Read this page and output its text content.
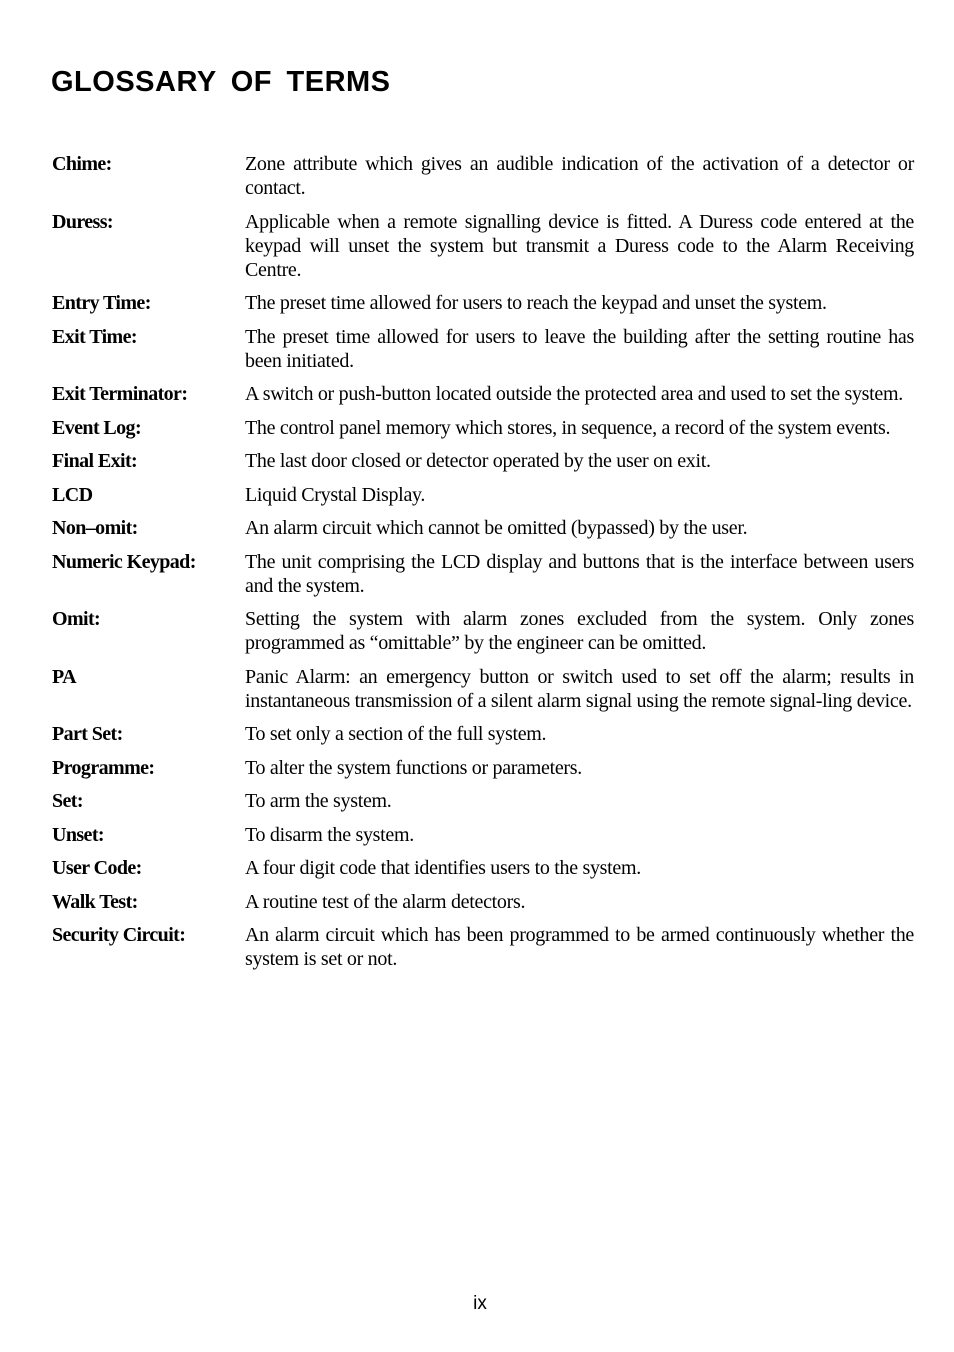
GLOSSARY OF TERMS
Chime:	Zone attribute which gives an audible indication of the activation of a detector or contact.
Duress:	Applicable when a remote signalling device is fitted. A Duress code entered at the keypad will unset the system but transmit a Duress code to the Alarm Receiving Centre.
Entry Time:	The preset time allowed for users to reach the keypad and unset the system.
Exit Time:	The preset time allowed for users to leave the building after the setting routine has been initiated.
Exit Terminator:	A switch or push-button located outside the protected area and used to set the system.
Event Log:	The control panel memory which stores, in sequence, a record of the system events.
Final Exit:	The last door closed or detector operated by the user on exit.
LCD	Liquid Crystal Display.
Non–omit:	An alarm circuit which cannot be omitted (bypassed) by the user.
Numeric Keypad:	The unit comprising the LCD display and buttons that is the interface between users and the system.
Omit:	Setting the system with alarm zones excluded from the system. Only zones programmed as “omittable” by the engineer can be omitted.
PA	Panic Alarm: an emergency button or switch used to set off the alarm; results in instantaneous transmission of a silent alarm signal using the remote signal-ling device.
Part Set:	To set only a section of the full system.
Programme:	To alter the system functions or parameters.
Set:	To arm the system.
Unset:	To disarm the system.
User Code:	A four digit code that identifies users to the system.
Walk Test:	A routine test of the alarm detectors.
Security Circuit:	An alarm circuit which has been programmed to be armed continuously whether the system is set or not.
ix
